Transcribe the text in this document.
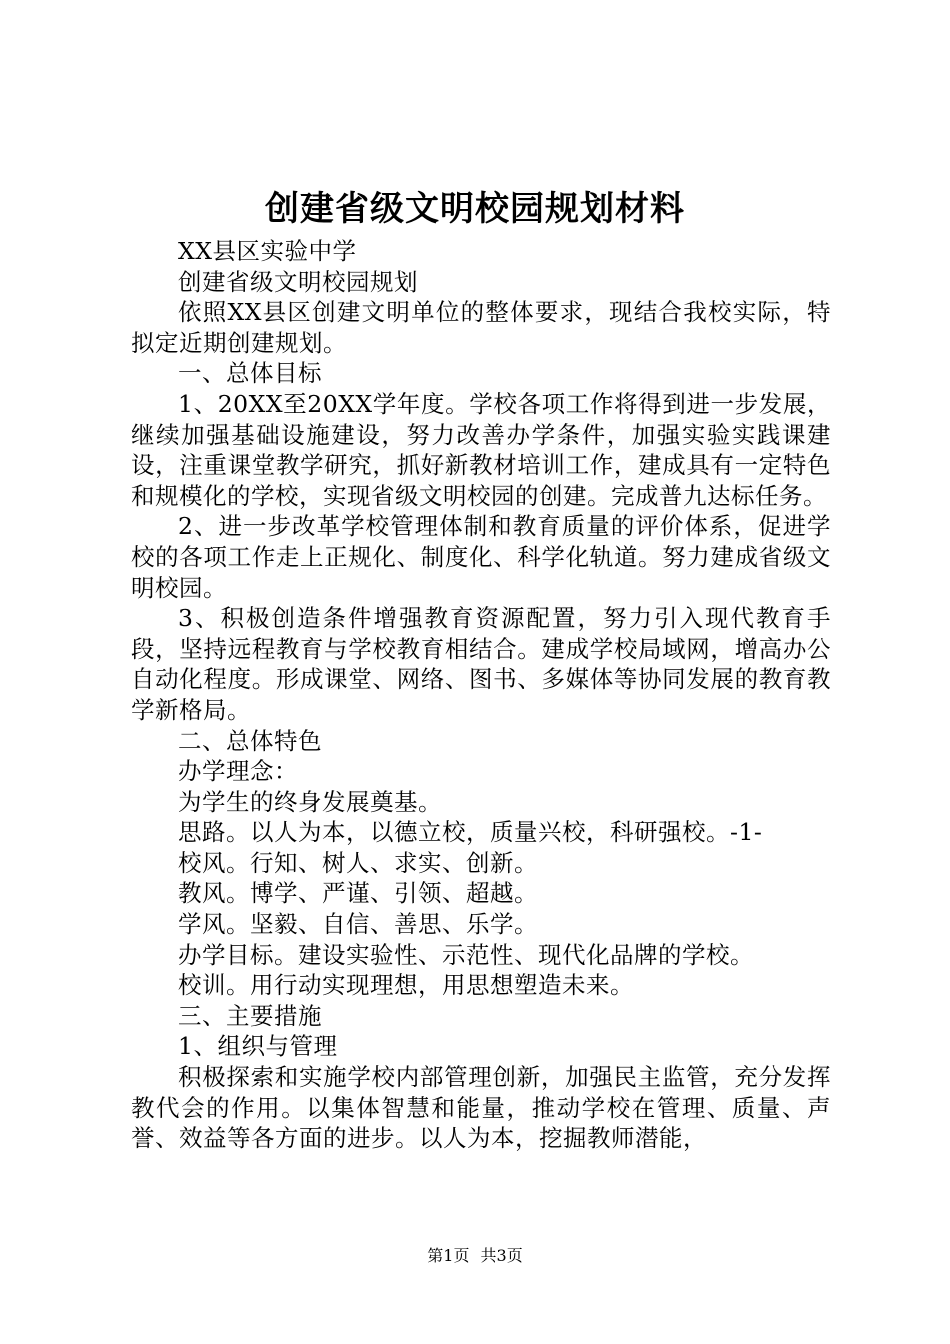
创建省级文明校园规划材料

XX县区实验中学

创建省级文明校园规划

依照XX县区创建文明单位的整体要求，现结合我校实际，特拟定近期创建规划。

一、总体目标

1、20XX至20XX学年度。学校各项工作将得到进一步发展，继续加强基础设施建设，努力改善办学条件，加强实验实践课建设，注重课堂教学研究，抓好新教材培训工作，建成具有一定特色和规模化的学校，实现省级文明校园的创建。完成普九达标任务。

2、进一步改革学校管理体制和教育质量的评价体系，促进学校的各项工作走上正规化、制度化、科学化轨道。努力建成省级文明校园。

3、积极创造条件增强教育资源配置，努力引入现代教育手段，坚持远程教育与学校教育相结合。建成学校局域网，增高办公自动化程度。形成课堂、网络、图书、多媒体等协同发展的教育教学新格局。

二、总体特色

办学理念：

为学生的终身发展奠基。

思路。以人为本，以德立校，质量兴校，科研强校。-1-

校风。行知、树人、求实、创新。

教风。博学、严谨、引领、超越。

学风。坚毅、自信、善思、乐学。

办学目标。建设实验性、示范性、现代化品牌的学校。

校训。用行动实现理想，用思想塑造未来。

三、主要措施

1、组织与管理

积极探索和实施学校内部管理创新，加强民主监管，充分发挥教代会的作用。以集体智慧和能量，推动学校在管理、质量、声誉、效益等各方面的进步。以人为本，挖掘教师潜能，

第1页 共3页
